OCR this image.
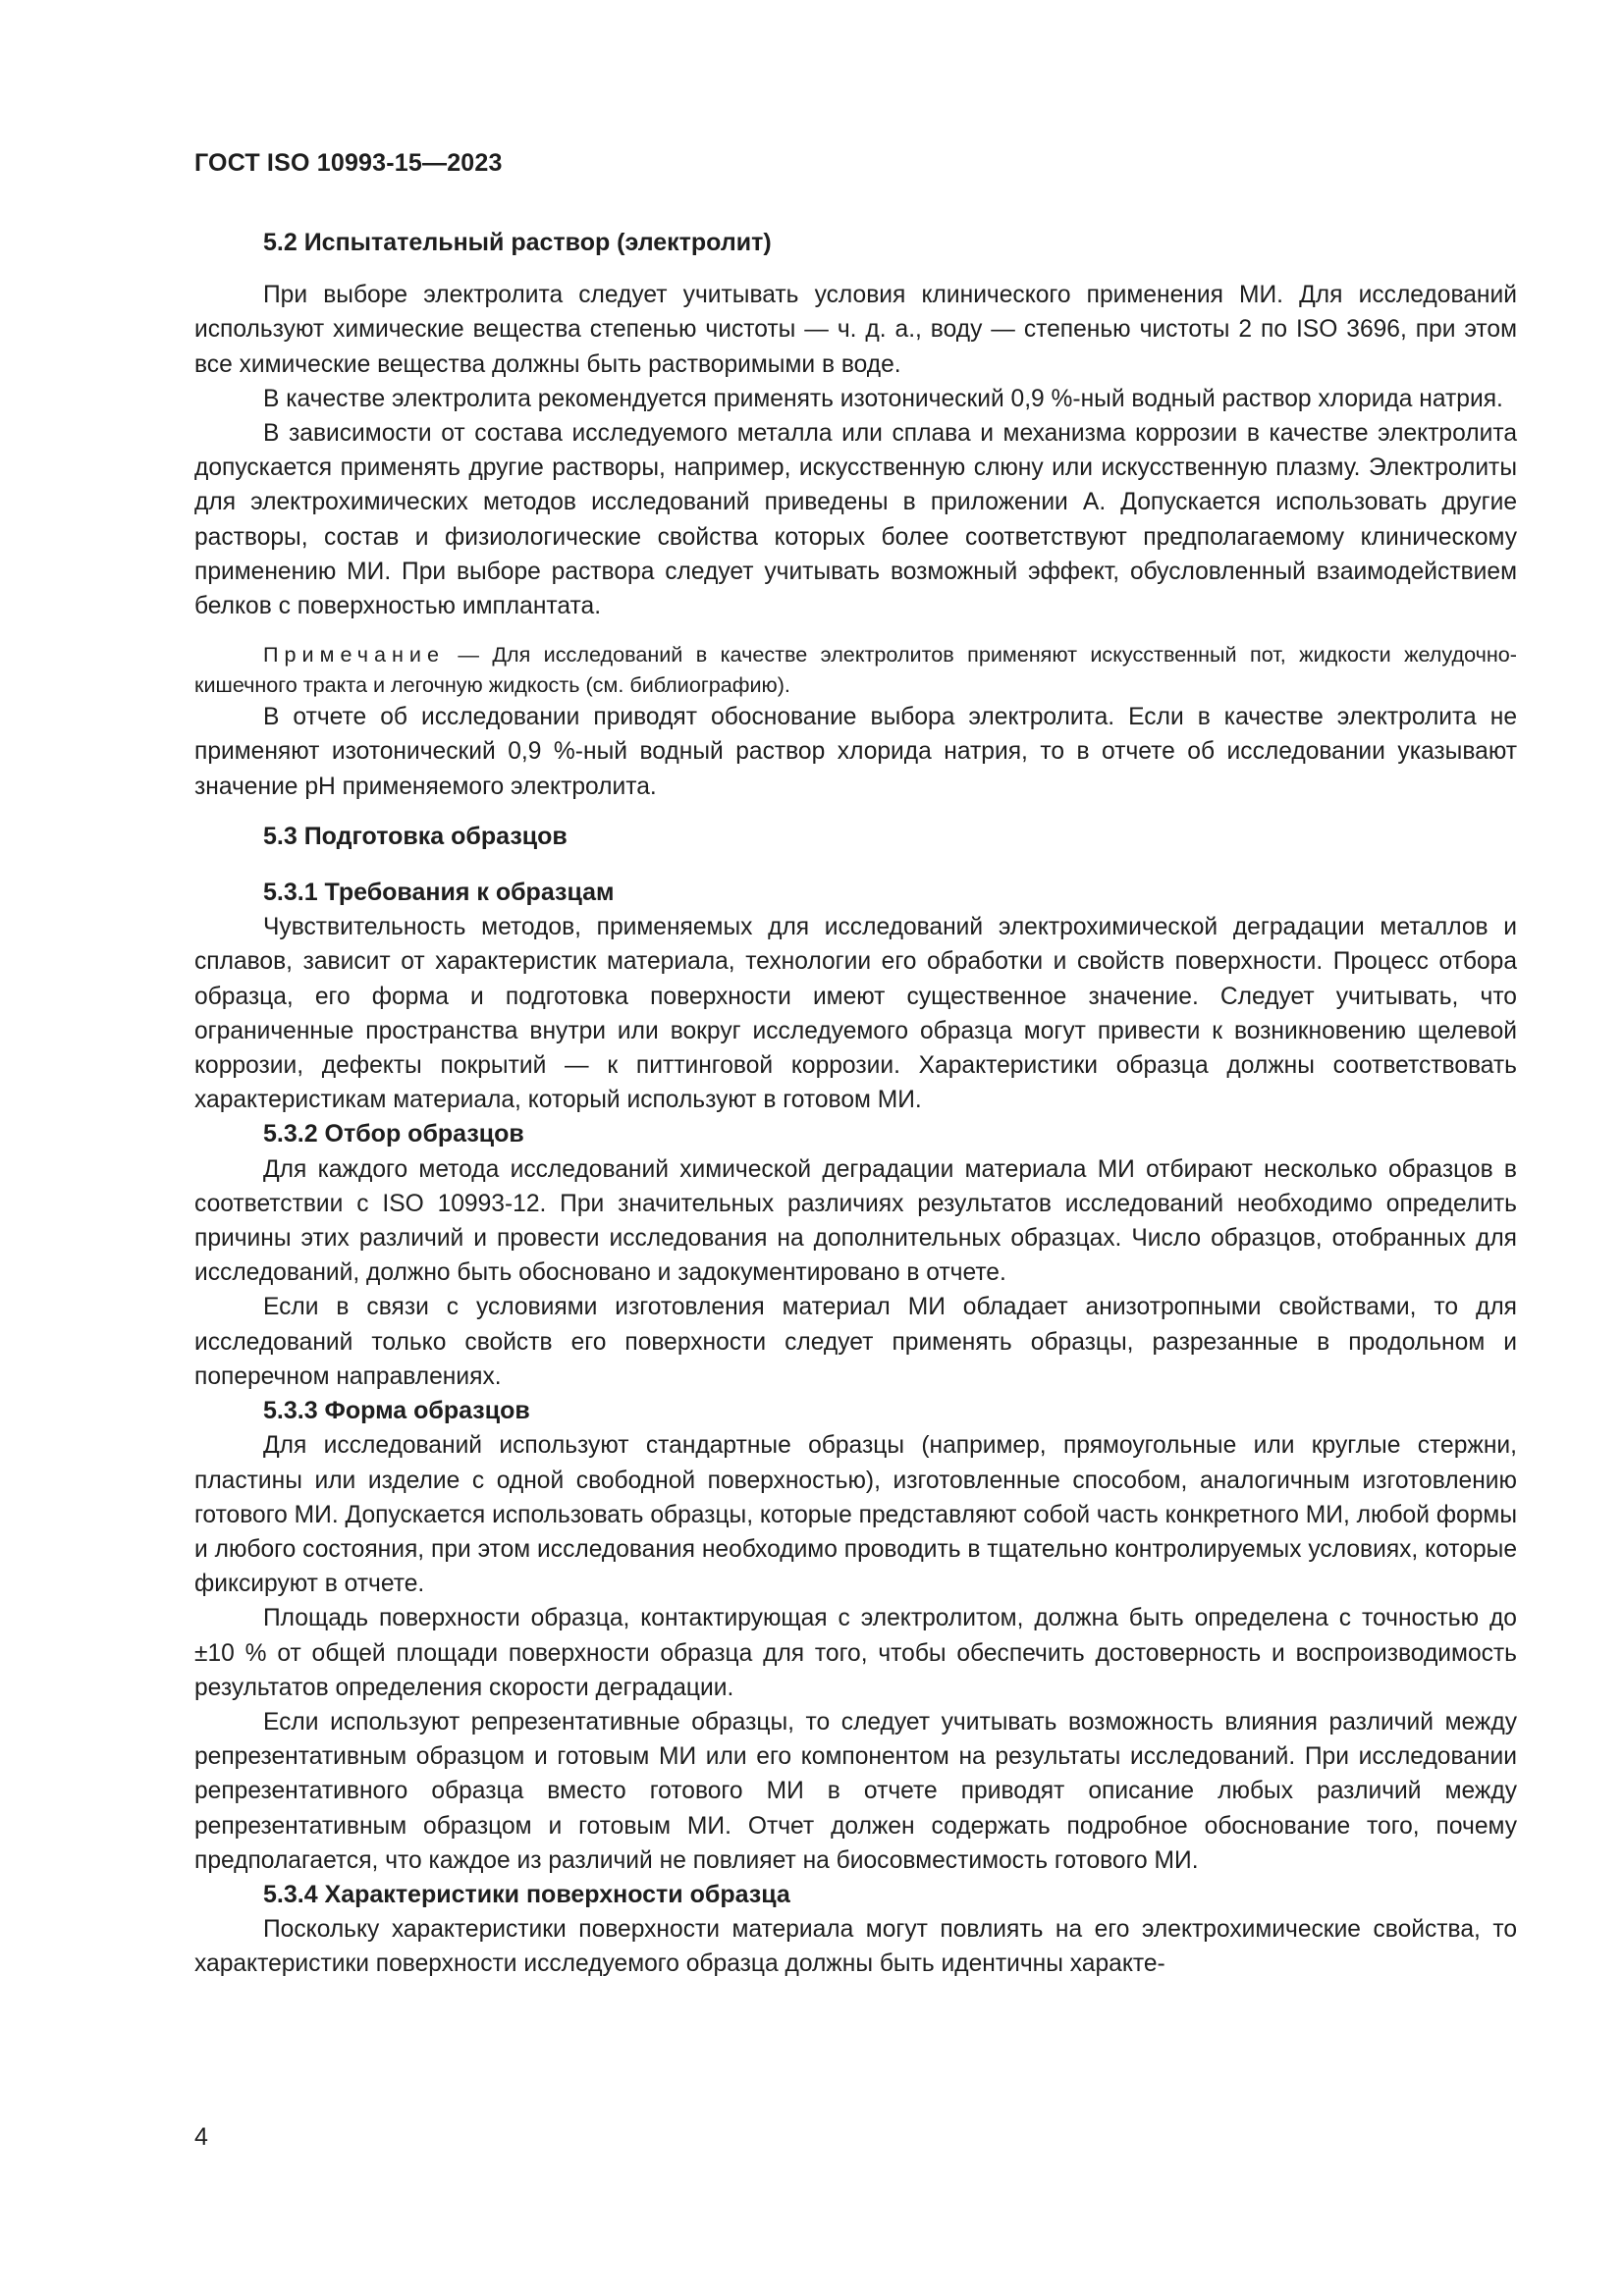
ГОСТ ISO 10993-15—2023
5.2 Испытательный раствор (электролит)

При выборе электролита следует учитывать условия клинического применения МИ. Для исследований используют химические вещества степенью чистоты — ч. д. а., воду — степенью чистоты 2 по ISO 3696, при этом все химические вещества должны быть растворимыми в воде.

В качестве электролита рекомендуется применять изотонический 0,9 %-ный водный раствор хлорида натрия.

В зависимости от состава исследуемого металла или сплава и механизма коррозии в качестве электролита допускается применять другие растворы, например, искусственную слюну или искусственную плазму. Электролиты для электрохимических методов исследований приведены в приложении А. Допускается использовать другие растворы, состав и физиологические свойства которых более соответствуют предполагаемому клиническому применению МИ. При выборе раствора следует учитывать возможный эффект, обусловленный взаимодействием белков с поверхностью имплантата.

Примечание — Для исследований в качестве электролитов применяют искусственный пот, жидкости желудочно-кишечного тракта и легочную жидкость (см. библиографию).

В отчете об исследовании приводят обоснование выбора электролита. Если в качестве электролита не применяют изотонический 0,9 %-ный водный раствор хлорида натрия, то в отчете об исследовании указывают значение pH применяемого электролита.

5.3 Подготовка образцов
5.3.1 Требования к образцам

Чувствительность методов, применяемых для исследований электрохимической деградации металлов и сплавов, зависит от характеристик материала, технологии его обработки и свойств поверхности. Процесс отбора образца, его форма и подготовка поверхности имеют существенное значение. Следует учитывать, что ограниченные пространства внутри или вокруг исследуемого образца могут привести к возникновению щелевой коррозии, дефекты покрытий — к питтинговой коррозии. Характеристики образца должны соответствовать характеристикам материала, который используют в готовом МИ.

5.3.2 Отбор образцов

Для каждого метода исследований химической деградации материала МИ отбирают несколько образцов в соответствии с ISO 10993-12. При значительных различиях результатов исследований необходимо определить причины этих различий и провести исследования на дополнительных образцах. Число образцов, отобранных для исследований, должно быть обосновано и задокументировано в отчете.

Если в связи с условиями изготовления материал МИ обладает анизотропными свойствами, то для исследований только свойств его поверхности следует применять образцы, разрезанные в продольном и поперечном направлениях.

5.3.3 Форма образцов

Для исследований используют стандартные образцы (например, прямоугольные или круглые стержни, пластины или изделие с одной свободной поверхностью), изготовленные способом, аналогичным изготовлению готового МИ. Допускается использовать образцы, которые представляют собой часть конкретного МИ, любой формы и любого состояния, при этом исследования необходимо проводить в тщательно контролируемых условиях, которые фиксируют в отчете.

Площадь поверхности образца, контактирующая с электролитом, должна быть определена с точностью до ±10 % от общей площади поверхности образца для того, чтобы обеспечить достоверность и воспроизводимость результатов определения скорости деградации.

Если используют репрезентативные образцы, то следует учитывать возможность влияния различий между репрезентативным образцом и готовым МИ или его компонентом на результаты исследований. При исследовании репрезентативного образца вместо готового МИ в отчете приводят описание любых различий между репрезентативным образцом и готовым МИ. Отчет должен содержать подробное обоснование того, почему предполагается, что каждое из различий не повлияет на биосовместимость готового МИ.

5.3.4 Характеристики поверхности образца

Поскольку характеристики поверхности материала могут повлиять на его электрохимические свойства, то характеристики поверхности исследуемого образца должны быть идентичны характе-

4
